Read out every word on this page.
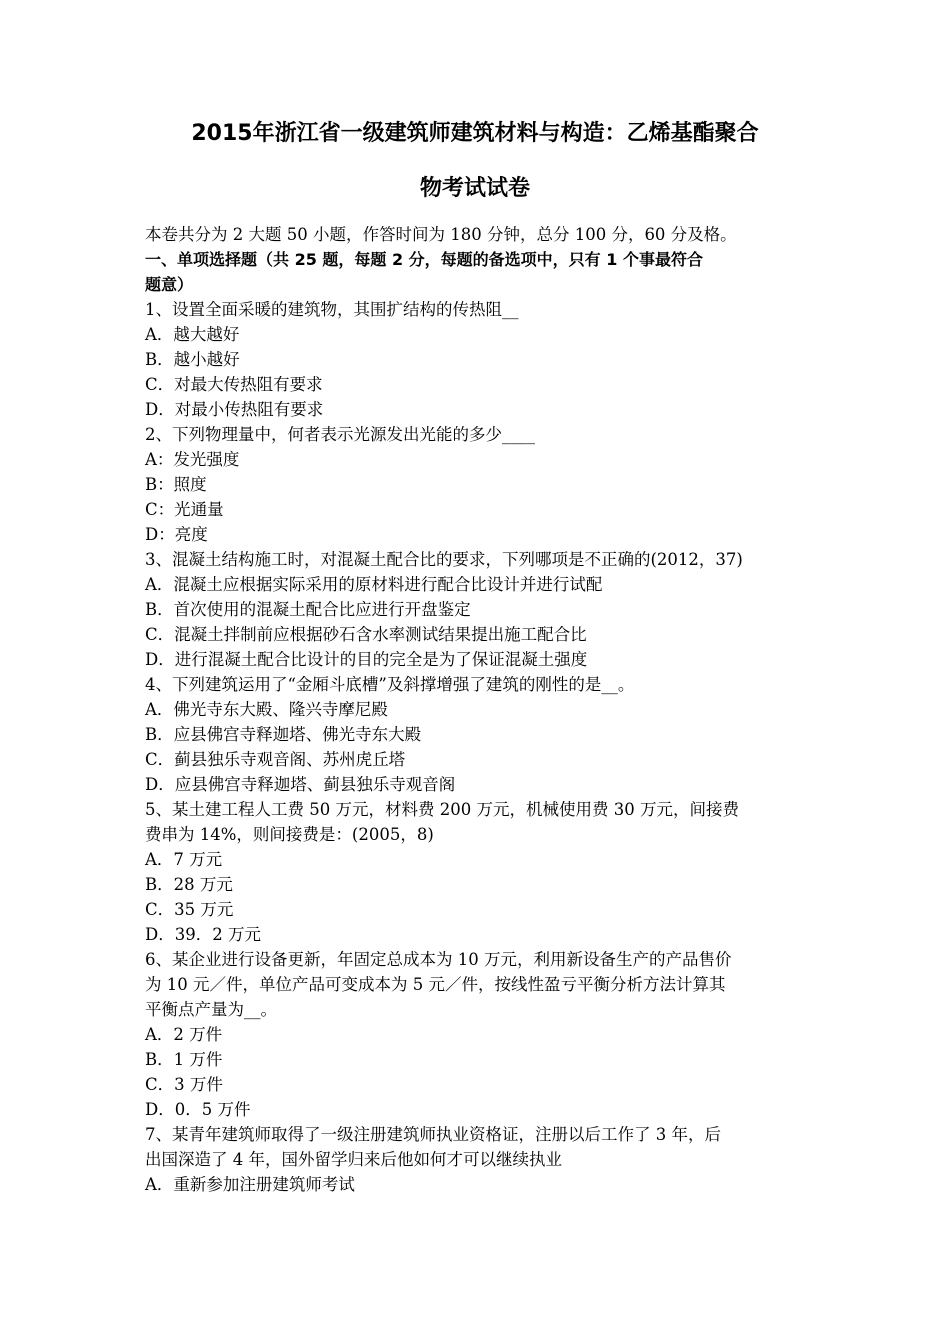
2015年浙江省一级建筑师建筑材料与构造：乙烯基酯聚合
物考试试卷
本卷共分为 2 大题 50 小题，作答时间为 180 分钟，总分 100 分，60 分及格。
一、单项选择题（共 25 题，每题 2 分，每题的备选项中，只有 1 个事最符合
题意）
1、设置全面采暖的建筑物，其围扩结构的传热阻__
A．越大越好
B．越小越好
C．对最大传热阻有要求
D．对最小传热阻有要求
2、下列物理量中，何者表示光源发出光能的多少____
A：发光强度
B：照度
C：光通量
D：亮度
3、混凝土结构施工时，对混凝土配合比的要求，下列哪项是不正确的(2012，37)
A．混凝土应根据实际采用的原材料进行配合比设计并进行试配
B．首次使用的混凝土配合比应进行开盘鉴定
C．混凝土拌制前应根据砂石含水率测试结果提出施工配合比
D．进行混凝土配合比设计的目的完全是为了保证混凝土强度
4、下列建筑运用了“金厢斗底槽”及斜撑增强了建筑的刚性的是__。
A．佛光寺东大殿、隆兴寺摩尼殿
B．应县佛宫寺释迦塔、佛光寺东大殿
C．蓟县独乐寺观音阁、苏州虎丘塔
D．应县佛宫寺释迦塔、蓟县独乐寺观音阁
5、某土建工程人工费 50 万元，材料费 200 万元，机械使用费 30 万元，间接费
费串为 14%，则间接费是：(2005，8)
A．7 万元
B．28 万元
C．35 万元
D．39．2 万元
6、某企业进行设备更新，年固定总成本为 10 万元，利用新设备生产的产品售价
为 10 元／件，单位产品可变成本为 5 元／件，按线性盈亏平衡分析方法计算其
平衡点产量为__。
A．2 万件
B．1 万件
C．3 万件
D．0．5 万件
7、某青年建筑师取得了一级注册建筑师执业资格证，注册以后工作了 3 年，后
出国深造了 4 年，国外留学归来后他如何才可以继续执业
A．重新参加注册建筑师考试
